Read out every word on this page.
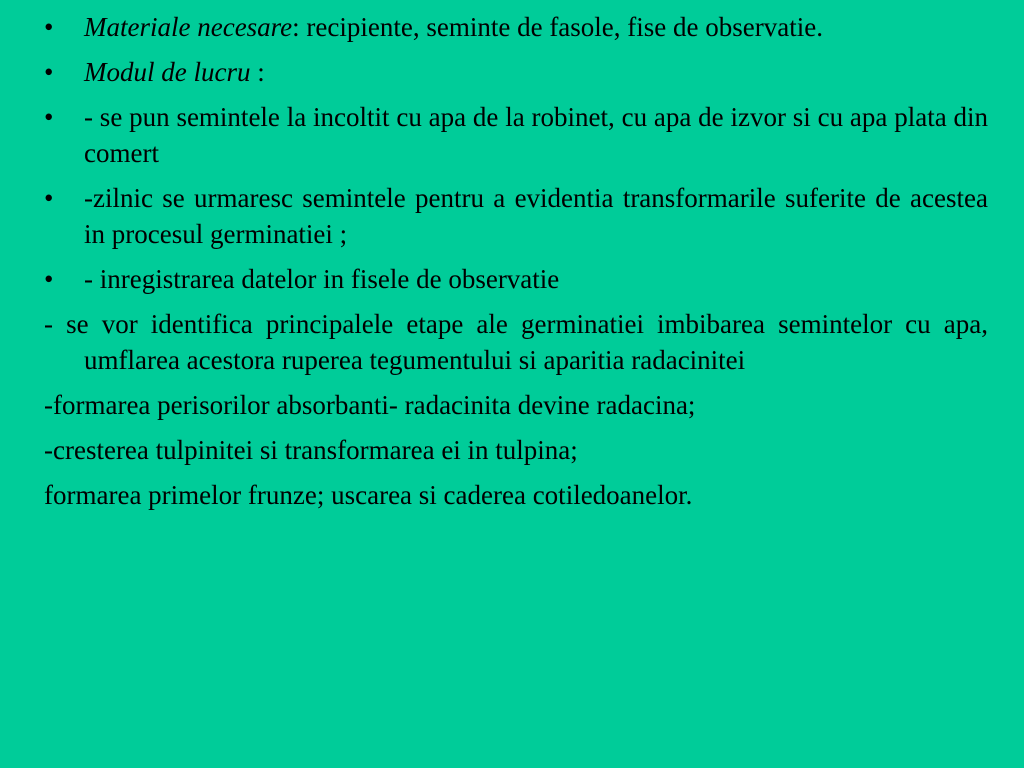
•	Materiale necesare: recipiente, seminte de fasole, fise de observatie.
•	Modul de lucru :
•	- se pun semintele la incoltit cu apa de la robinet, cu apa de izvor si cu apa plata din comert
•	-zilnic se urmaresc semintele pentru a evidentia transformarile suferite de acestea in procesul germinatiei ;
•	- inregistrarea datelor in fisele de observatie
- se vor identifica principalele etape ale germinatiei imbibarea semintelor cu apa, umflarea acestora ruperea tegumentului si aparitia radacinitei
-formarea perisorilor absorbanti- radacinita devine radacina;
-cresterea tulpinitei si transformarea ei in tulpina;
formarea primelor frunze; uscarea si caderea cotiledoanelor.
